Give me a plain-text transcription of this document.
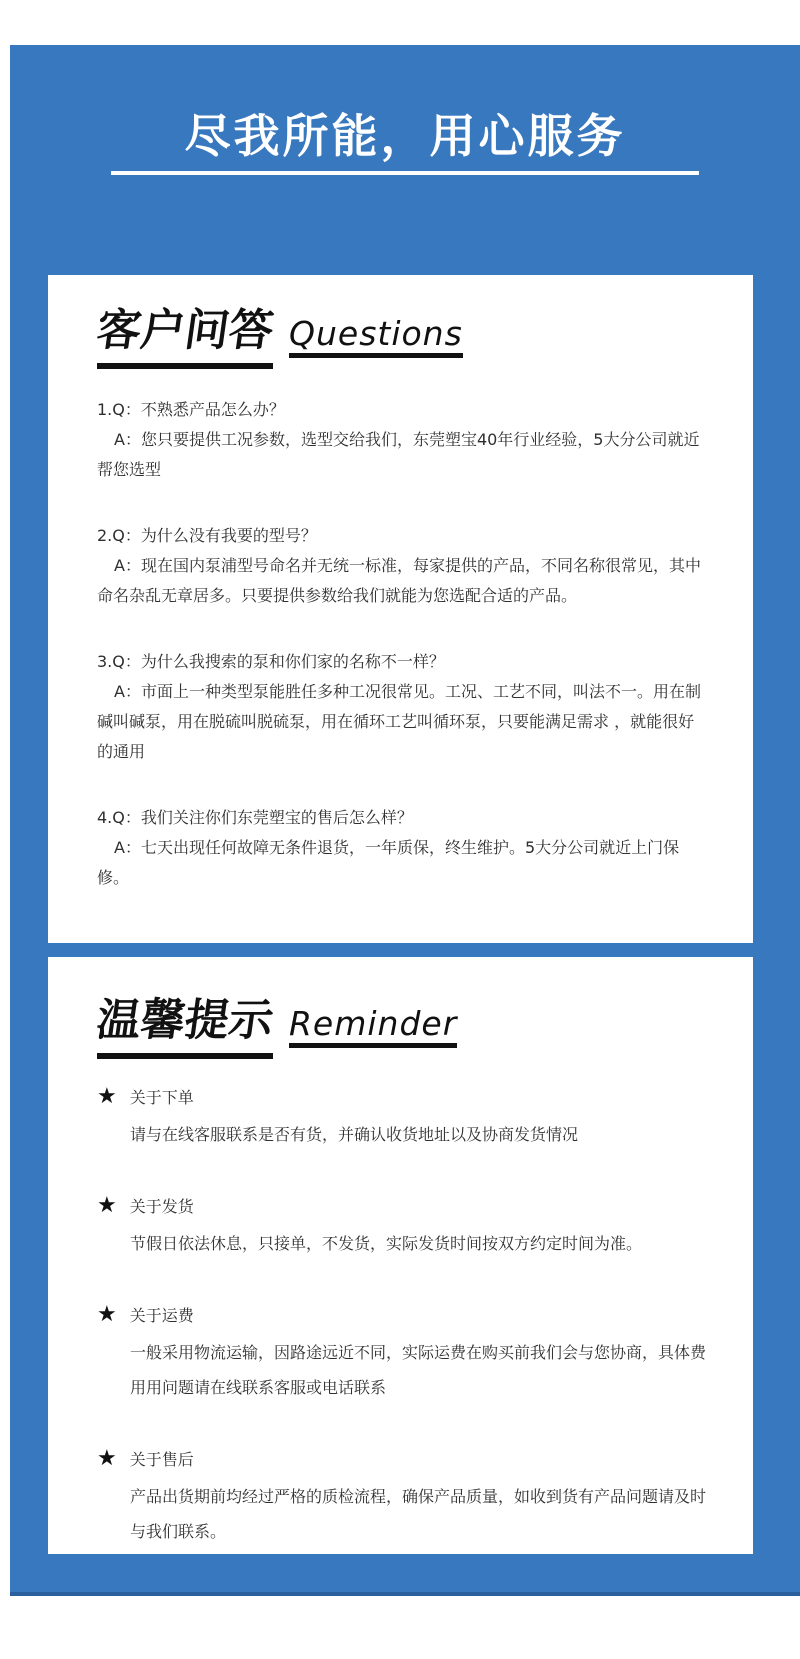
尽我所能，用心服务
客户问答 Questions

1.Q：不熟悉产品怎么办？

A：您只要提供工况参数，选型交给我们，东莞塑宝40年行业经验，5大分公司就近帮您选型

2.Q：为什么没有我要的型号？

A：现在国内泵浦型号命名并无统一标准，每家提供的产品，不同名称很常见，其中命名杂乱无章居多。只要提供参数给我们就能为您选配合适的产品。

3.Q：为什么我搜索的泵和你们家的名称不一样？

A：市面上一种类型泵能胜任多种工况很常见。工况、工艺不同，叫法不一。用在制碱叫碱泵，用在脱硫叫脱硫泵，用在循环工艺叫循环泵，只要能满足需求 ，就能很好的通用

4.Q：我们关注你们东莞塑宝的售后怎么样？

A：七天出现任何故障无条件退货，一年质保，终生维护。5大分公司就近上门保修。

温馨提示 Reminder
★ 关于下单

请与在线客服联系是否有货，并确认收货地址以及协商发货情况

★ 关于发货

节假日依法休息，只接单，不发货，实际发货时间按双方约定时间为准。

★ 关于运费

一般采用物流运输，因路途远近不同，实际运费在购买前我们会与您协商，具体费用用问题请在线联系客服或电话联系

★ 关于售后

产品出货期前均经过严格的质检流程，确保产品质量，如收到货有产品问题请及时与我们联系。
